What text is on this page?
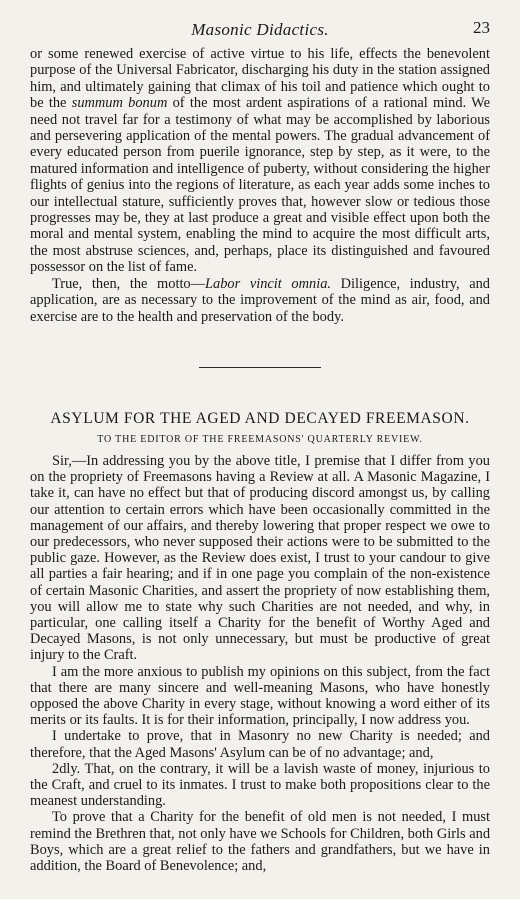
Masonic Didactics.	23

or some renewed exercise of active virtue to his life, effects the benevolent purpose of the Universal Fabricator, discharging his duty in the station assigned him, and ultimately gaining that climax of his toil and patience which ought to be the summum bonum of the most ardent aspirations of a rational mind. We need not travel far for a testimony of what may be accomplished by laborious and persevering application of the mental powers. The gradual advancement of every educated person from puerile ignorance, step by step, as it were, to the matured information and intelligence of puberty, without considering the higher flights of genius into the regions of literature, as each year adds some inches to our intellectual stature, sufficiently proves that, however slow or tedious those progresses may be, they at last produce a great and visible effect upon both the moral and mental system, enabling the mind to acquire the most difficult arts, the most abstruse sciences, and, perhaps, place its distinguished and favoured possessor on the list of fame.

True, then, the motto—Labor vincit omnia. Diligence, industry, and application, are as necessary to the improvement of the mind as air, food, and exercise are to the health and preservation of the body.

ASYLUM FOR THE AGED AND DECAYED FREEMASON.
TO THE EDITOR OF THE FREEMASONS' QUARTERLY REVIEW.

Sir,—In addressing you by the above title, I premise that I differ from you on the propriety of Freemasons having a Review at all. A Masonic Magazine, I take it, can have no effect but that of producing discord amongst us, by calling our attention to certain errors which have been occasionally committed in the management of our affairs, and thereby lowering that proper respect we owe to our predecessors, who never supposed their actions were to be submitted to the public gaze. However, as the Review does exist, I trust to your candour to give all parties a fair hearing; and if in one page you complain of the non-existence of certain Masonic Charities, and assert the propriety of now establishing them, you will allow me to state why such Charities are not needed, and why, in particular, one calling itself a Charity for the benefit of Worthy Aged and Decayed Masons, is not only unnecessary, but must be productive of great injury to the Craft.

I am the more anxious to publish my opinions on this subject, from the fact that there are many sincere and well-meaning Masons, who have honestly opposed the above Charity in every stage, without knowing a word either of its merits or its faults. It is for their information, principally, I now address you.

I undertake to prove, that in Masonry no new Charity is needed; and therefore, that the Aged Masons' Asylum can be of no advantage; and,

2dly. That, on the contrary, it will be a lavish waste of money, injurious to the Craft, and cruel to its inmates. I trust to make both propositions clear to the meanest understanding.

To prove that a Charity for the benefit of old men is not needed, I must remind the Brethren that, not only have we Schools for Children, both Girls and Boys, which are a great relief to the fathers and grandfathers, but we have in addition, the Board of Benevolence; and,
